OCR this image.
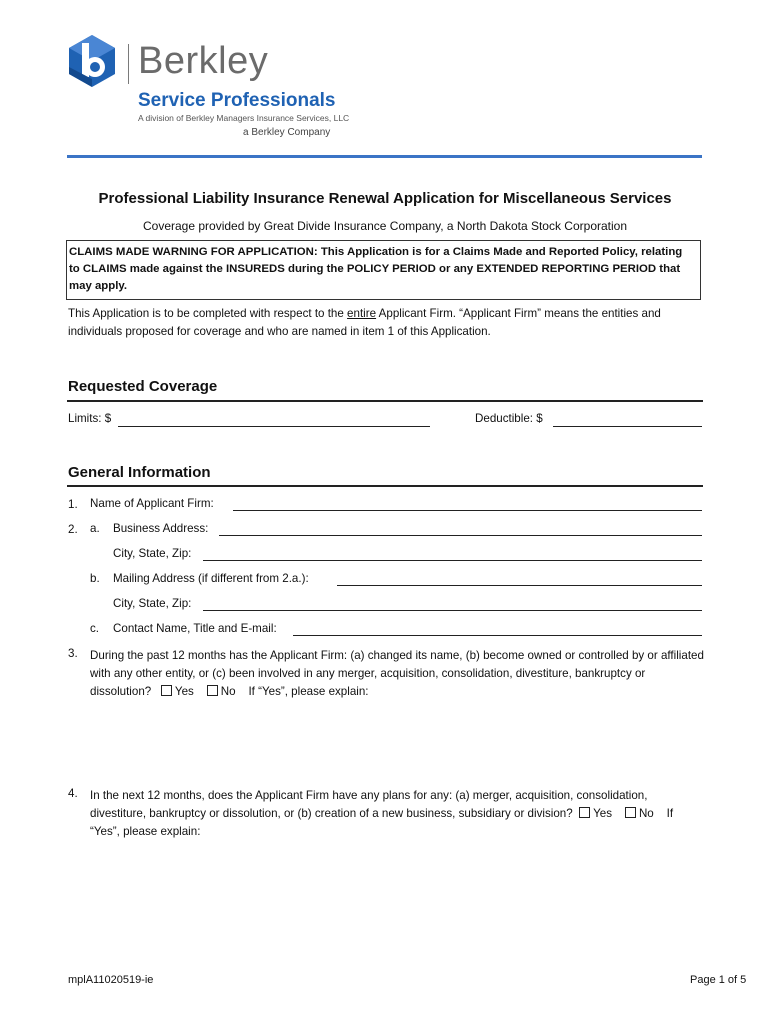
Berkley
Service Professionals
A division of Berkley Managers Insurance Services, LLC
a Berkley Company
Professional Liability Insurance Renewal Application for Miscellaneous Services
Coverage provided by Great Divide Insurance Company, a North Dakota Stock Corporation
CLAIMS MADE WARNING FOR APPLICATION: This Application is for a Claims Made and Reported Policy, relating to CLAIMS made against the INSUREDS during the POLICY PERIOD or any EXTENDED REPORTING PERIOD that may apply.
This Application is to be completed with respect to the entire Applicant Firm. “Applicant Firm” means the entities and individuals proposed for coverage and who are named in item 1 of this Application.
Requested Coverage
Limits: $	Deductible: $
General Information
1. Name of Applicant Firm:
2. a. Business Address:
City, State, Zip:
b. Mailing Address (if different from 2.a.):
City, State, Zip:
c. Contact Name, Title and E-mail:
3. During the past 12 months has the Applicant Firm: (a) changed its name, (b) become owned or controlled by or affiliated with any other entity, or (c) been involved in any merger, acquisition, consolidation, divestiture, bankruptcy or dissolution? Yes No If “Yes”, please explain:
4. In the next 12 months, does the Applicant Firm have any plans for any: (a) merger, acquisition, consolidation, divestiture, bankruptcy or dissolution, or (b) creation of a new business, subsidiary or division? Yes No If “Yes”, please explain:
mplA11020519-ie	Page 1 of 5
